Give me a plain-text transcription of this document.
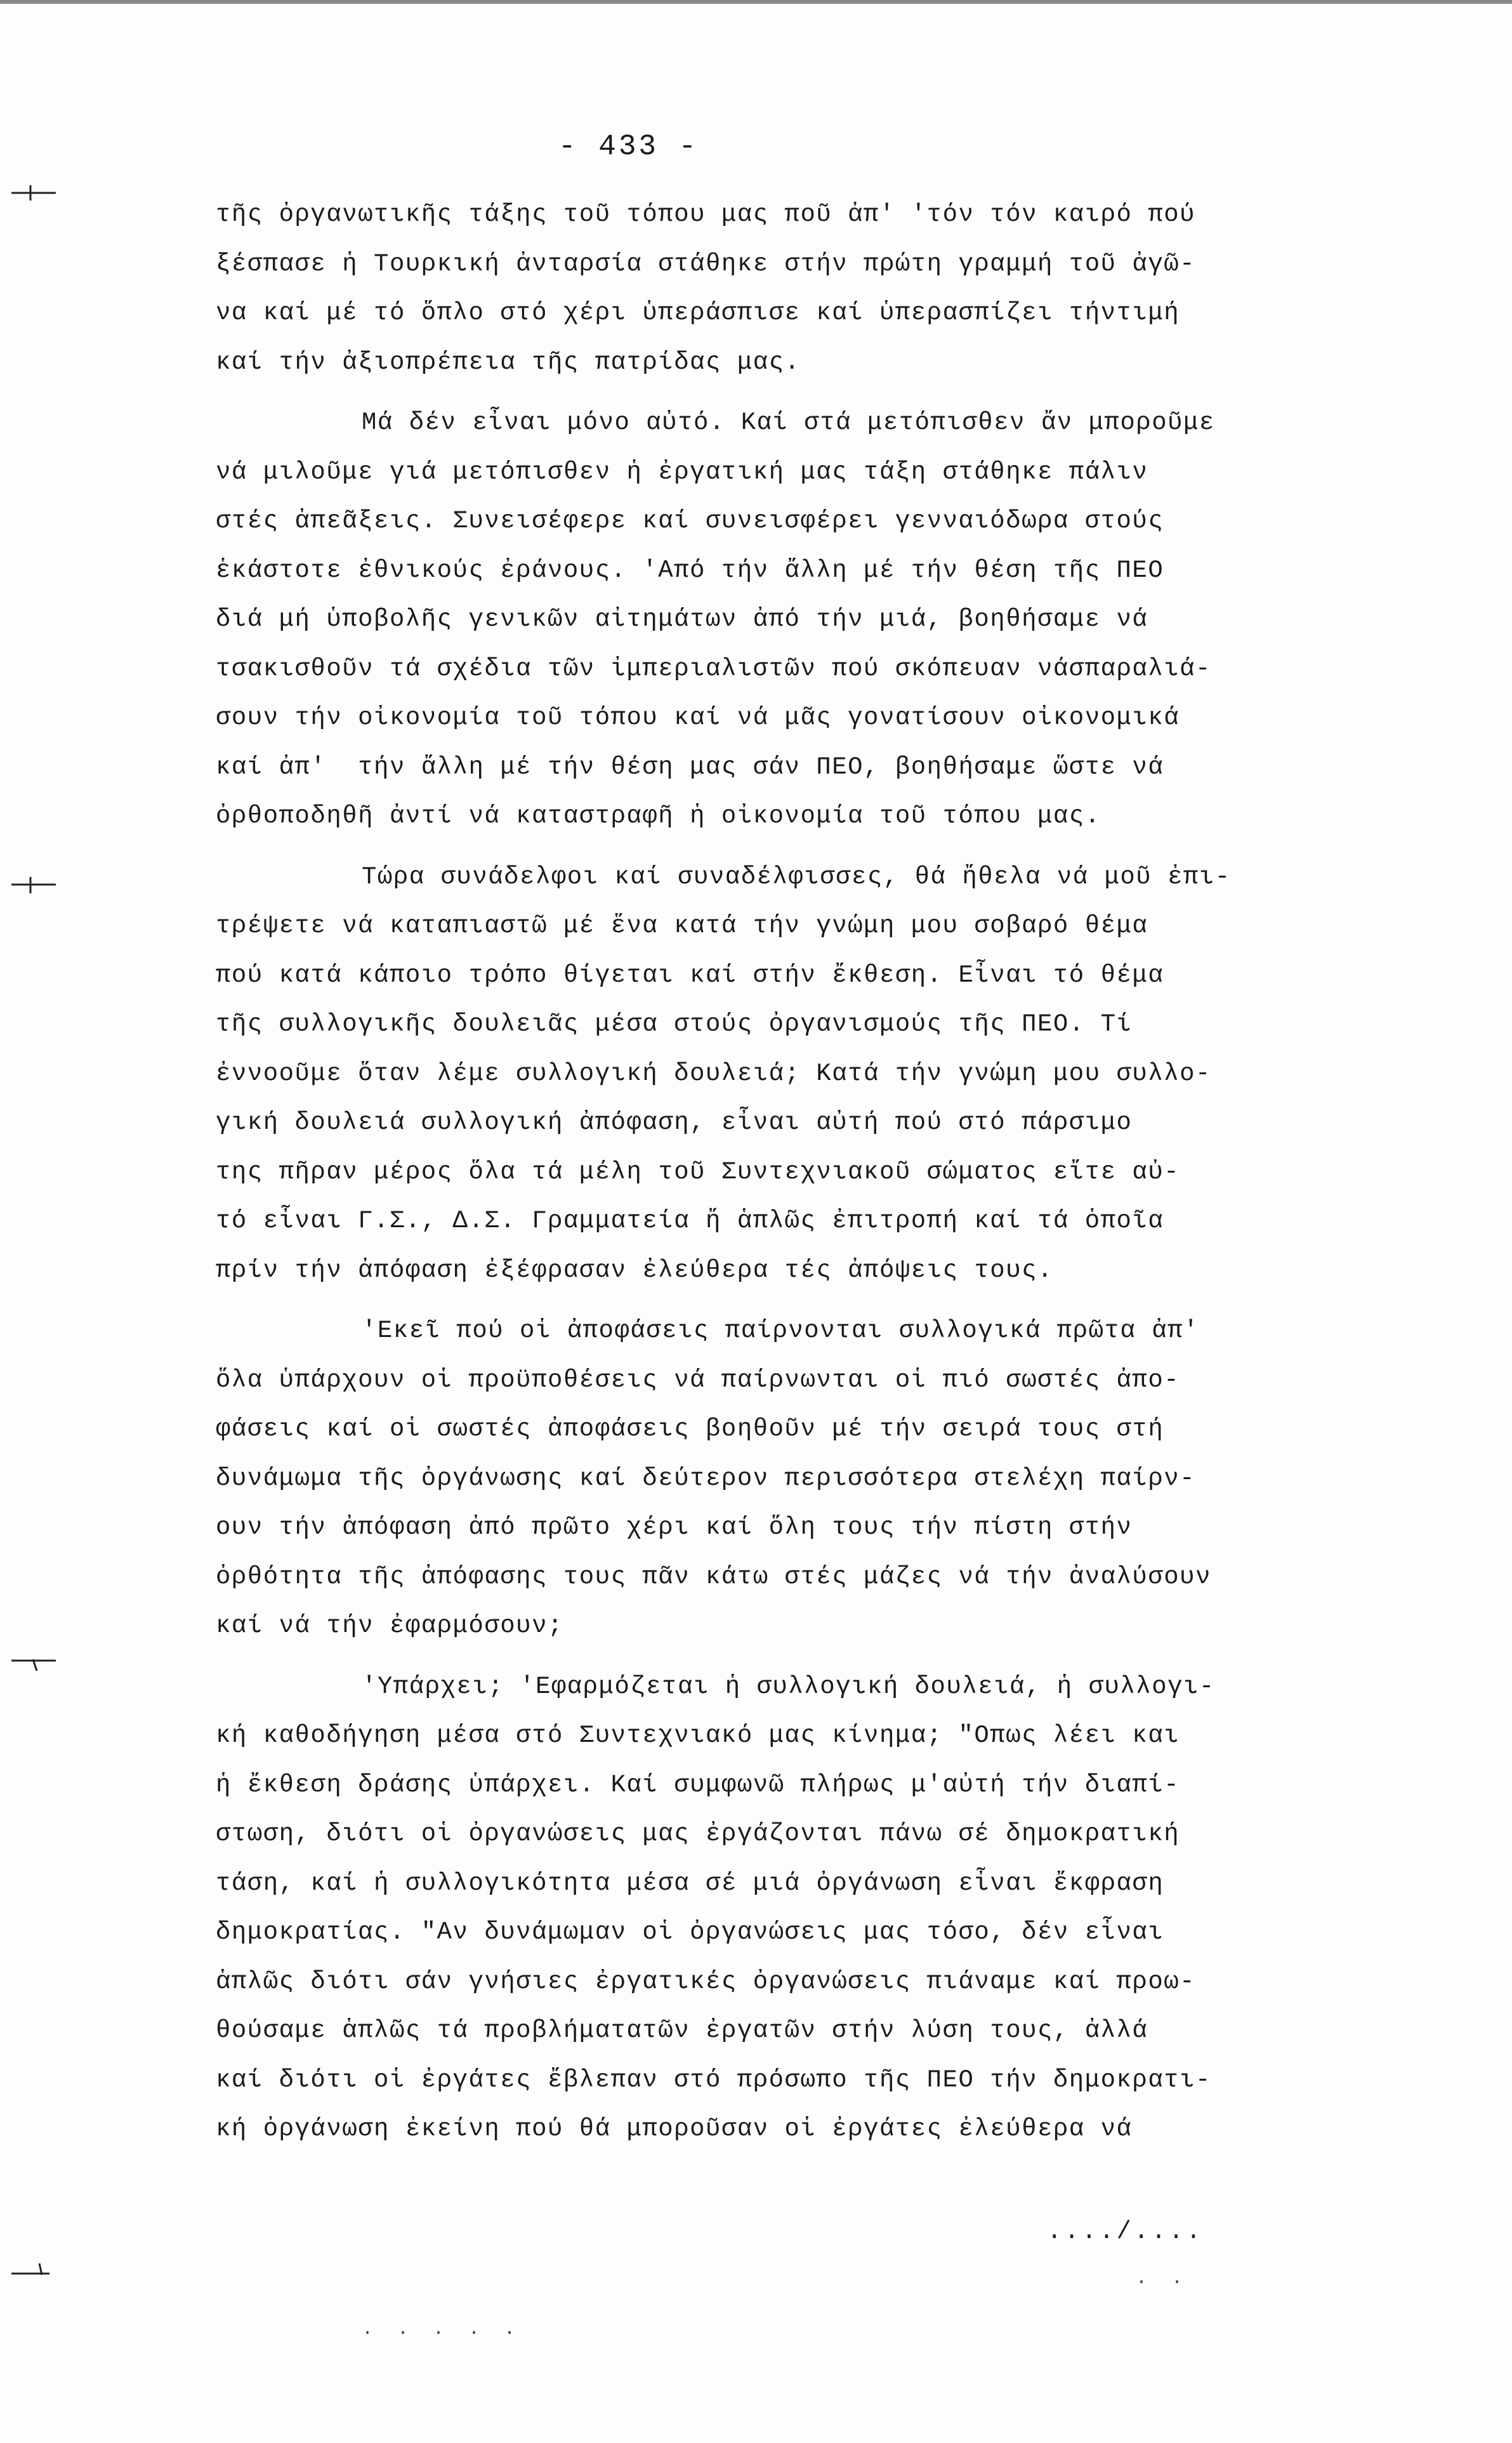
- 433 -
τῆς ὀργανωτικῆς τάξης τοῦ τόπου μας ποῦ ἀπ' 'τόν τόν καιρό πού
ξέσπασε ἡ Τουρκική ἀνταρσία στάθηκε στήν πρώτη γραμμή τοῦ ἀγῶ-
να καί μέ τό ὅπλο στό χέρι ὑπεράσπισε καί ὑπερασπίζει τήντιμή
καί τήν ἀξιοπρέπεια τῆς πατρίδας μας.
Μά δέν εἶναι μόνο αὐτό. Καί στά μετόπισθεν ἄν μποροῦμε
νά μιλοῦμε γιά μετόπισθεν ἡ ἐργατική μας τάξη στάθηκε πάλιν
στές ἀπεᾶξεις. Συνεισέφερε καί συνεισφέρει γενναιόδωρα στούς
ἑκάστοτε ἐθνικούς ἐράνους. 'Από τήν ἄλλη μέ τήν θέση τῆς ΠΕΟ
διά μή ὑποβολῆς γενικῶν αἰτημάτων ἀπό τήν μιά, βοηθήσαμε νά
τσακισθοῦν τά σχέδια τῶν ἰμπεριαλιστῶν πού σκόπευαν νάσπαραλιά-
σουν τήν οἰκονομία τοῦ τόπου καί νά μᾶς γονατίσουν οἰκονομικά
καί ἀπ'  τήν ἄλλη μέ τήν θέση μας σάν ΠΕΟ, βοηθήσαμε ὥστε νά
ὀρθοποδηθῆ ἀντί νά καταστραφῆ ἡ οἰκονομία τοῦ τόπου μας.
Τώρα συνάδελφοι καί συναδέλφισσες, θά ἤθελα νά μοῦ ἐπι-
τρέψετε νά καταπιαστῶ μέ ἕνα κατά τήν γνώμη μου σοβαρό θέμα
πού κατά κάποιο τρόπο θίγεται καί στήν ἔκθεση. Εἶναι τό θέμα
τῆς συλλογικῆς δουλειᾶς μέσα στούς ὀργανισμούς τῆς ΠΕΟ. Τί
ἐννοοῦμε ὅταν λέμε συλλογική δουλειά; Κατά τήν γνώμη μου συλλο-
γική δουλειά συλλογική ἀπόφαση, εἶναι αὐτή πού στό πάρσιμο
της πῆραν μέρος ὅλα τά μέλη τοῦ Συντεχνιακοῦ σώματος εἴτε αὐ-
τό εἶναι Γ.Σ., Δ.Σ. Γραμματεία ἤ ἁπλῶς ἐπιτροπή καί τά ὁποῖα
πρίν τήν ἀπόφαση ἐξέφρασαν ἐλεύθερα τές ἀπόψεις τους.
'Εκεῖ πού οἱ ἀποφάσεις παίρνονται συλλογικά πρῶτα ἀπ'
ὅλα ὑπάρχουν οἱ προϋποθέσεις νά παίρνωνται οἱ πιό σωστές ἀπο-
φάσεις καί οἱ σωστές ἀποφάσεις βοηθοῦν μέ τήν σειρά τους στή
δυνάμωμα τῆς ὀργάνωσης καί δεύτερον περισσότερα στελέχη παίρν-
ουν τήν ἀπόφαση ἀπό πρῶτο χέρι καί ὅλη τους τήν πίστη στήν
ὀρθότητα τῆς ἀπόφασης τους πᾶν κάτω στές μάζες νά τήν ἀναλύσουν
καί νά τήν ἐφαρμόσουν;
'Υπάρχει; 'Εφαρμόζεται ἡ συλλογική δουλειά, ἡ συλλογι-
κή καθοδήγηση μέσα στό Συντεχνιακό μας κίνημα; "Οπως λέει και
ἡ ἔκθεση δράσης ὑπάρχει. Καί συμφωνῶ πλήρως μ'αὐτή τήν διαπί-
στωση, διότι οἱ ὀργανώσεις μας ἐργάζονται πάνω σέ δημοκρατική
τάση, καί ἡ συλλογικότητα μέσα σέ μιά ὀργάνωση εἶναι ἔκφραση
δημοκρατίας. "Αν δυνάμωμαν οἱ ὀργανώσεις μας τόσο, δέν εἶναι
ἁπλῶς διότι σάν γνήσιες ἐργατικές ὀργανώσεις πιάναμε καί προω-
θούσαμε ἁπλῶς τά προβλήματατῶν ἐργατῶν στήν λύση τους, ἀλλά
καί διότι οἱ ἐργάτες ἔβλεπαν στό πρόσωπο τῆς ΠΕΟ τήν δημοκρατι-
κή ὀργάνωση ἐκείνη πού θά μποροῦσαν οἱ ἐργάτες ἐλεύθερα νά
..../....
· · · · ·
· ·
